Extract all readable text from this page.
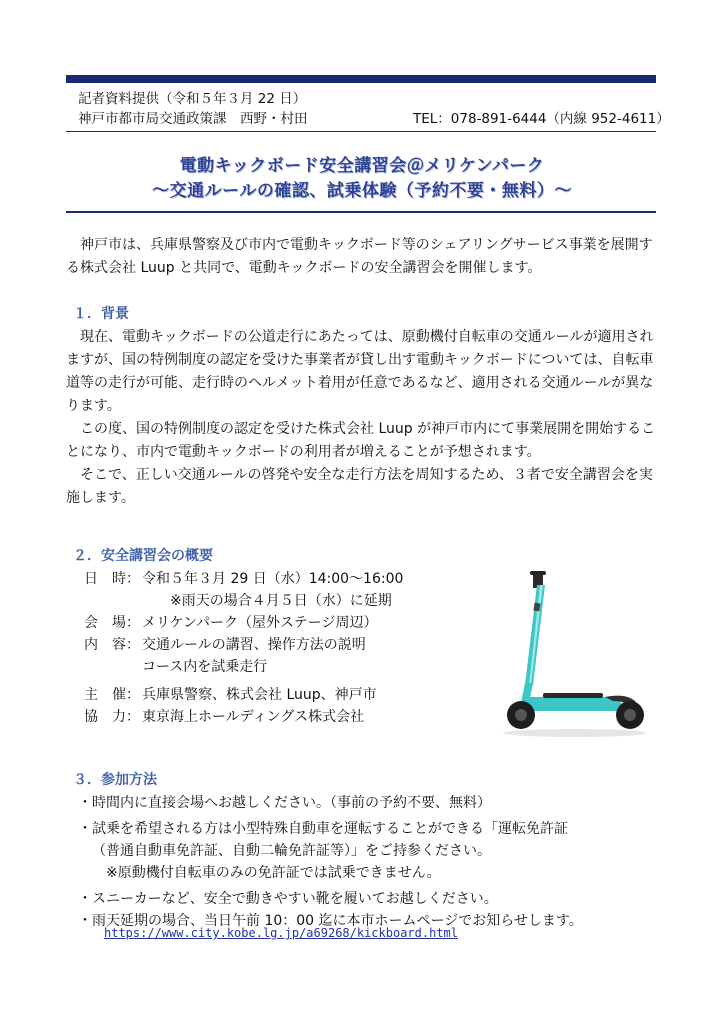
記者資料提供（令和５年３月 22 日）
神戸市都市局交通政策課　西野・村田	TEL：078-891-6444（内線 952-4611）
電動キックボード安全講習会＠メリケンパーク
～交通ルールの確認、試乗体験（予約不要・無料）～

神戸市は、兵庫県警察及び市内で電動キックボード等のシェアリングサービス事業を展開する株式会社 Luup と共同で、電動キックボードの安全講習会を開催します。

１．背景

現在、電動キックボードの公道走行にあたっては、原動機付自転車の交通ルールが適用されますが、国の特例制度の認定を受けた事業者が貸し出す電動キックボードについては、自転車道等の走行が可能、走行時のヘルメット着用が任意であるなど、適用される交通ルールが異なります。

この度、国の特例制度の認定を受けた株式会社 Luup が神戸市内にて事業展開を開始することになり、市内で電動キックボードの利用者が増えることが予想されます。

そこで、正しい交通ルールの啓発や安全な走行方法を周知するため、３者で安全講習会を実施します。

２．安全講習会の概要
日　時： 令和５年３月 29 日（水）14:00～16:00
※雨天の場合４月５日（水）に延期
会　場： メリケンパーク（屋外ステージ周辺）
内　容： 交通ルールの講習、操作方法の説明
コース内を試乗走行
主　催： 兵庫県警察、株式会社 Luup、神戸市
協　力： 東京海上ホールディングス株式会社
３．参加方法
・時間内に直接会場へお越しください。（事前の予約不要、無料）
・試乗を希望される方は小型特殊自動車を運転することができる「運転免許証
（普通自動車免許証、自動二輪免許証等）」をご持参ください。
※原動機付自転車のみの免許証では試乗できません。
・スニーカーなど、安全で動きやすい靴を履いてお越しください。
・雨天延期の場合、当日午前 10：00 迄に本市ホームページでお知らせします。
https://www.city.kobe.lg.jp/a69268/kickboard.html
